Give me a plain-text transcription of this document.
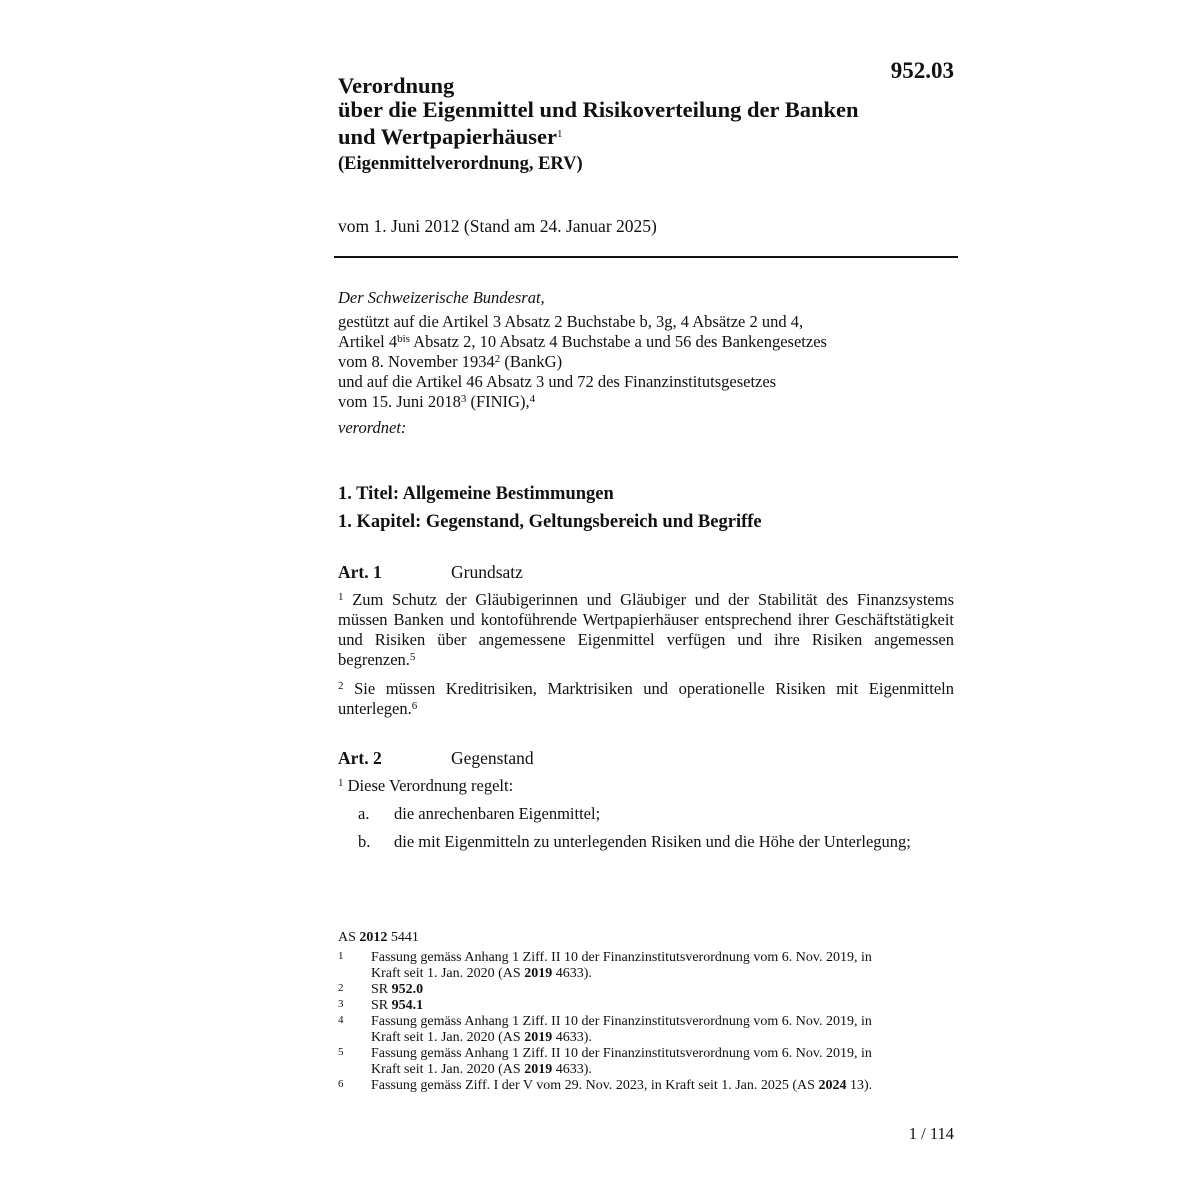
952.03
Verordnung
über die Eigenmittel und Risikoverteilung der Banken
und Wertpapierhäuser$^1$
(Eigenmittelverordnung, ERV)
vom 1. Juni 2012 (Stand am 24. Januar 2025)
Der Schweizerische Bundesrat,
gestützt auf die Artikel 3 Absatz 2 Buchstabe b, 3g, 4 Absätze 2 und 4,
Artikel 4$^{bis}$ Absatz 2, 10 Absatz 4 Buchstabe a und 56 des Bankengesetzes
vom 8. November 1934$^2$ (BankG)
und auf die Artikel 46 Absatz 3 und 72 des Finanzinstitutsgesetzes
vom 15. Juni 2018$^3$ (FINIG),$^4$
verordnet:
1. Titel: Allgemeine Bestimmungen
1. Kapitel: Gegenstand, Geltungsbereich und Begriffe
Art. 1	Grundsatz
$^1$ Zum Schutz der Gläubigerinnen und Gläubiger und der Stabilität des Finanzsystems müssen Banken und kontoführende Wertpapierhäuser entsprechend ihrer Geschäftstätigkeit und Risiken über angemessene Eigenmittel verfügen und ihre Risiken angemessen begrenzen.$^5$
$^2$ Sie müssen Kreditrisiken, Marktrisiken und operationelle Risiken mit Eigenmitteln unterlegen.$^6$
Art. 2	Gegenstand
$^1$ Diese Verordnung regelt:
a. die anrechenbaren Eigenmittel;
b. die mit Eigenmitteln zu unterlegenden Risiken und die Höhe der Unterlegung;
AS 2012 5441
1 Fassung gemäss Anhang 1 Ziff. II 10 der Finanzinstitutsverordnung vom 6. Nov. 2019, in
Kraft seit 1. Jan. 2020 (AS 2019 4633).
2 SR 952.0
3 SR 954.1
4 Fassung gemäss Anhang 1 Ziff. II 10 der Finanzinstitutsverordnung vom 6. Nov. 2019, in
Kraft seit 1. Jan. 2020 (AS 2019 4633).
5 Fassung gemäss Anhang 1 Ziff. II 10 der Finanzinstitutsverordnung vom 6. Nov. 2019, in
Kraft seit 1. Jan. 2020 (AS 2019 4633).
6 Fassung gemäss Ziff. I der V vom 29. Nov. 2023, in Kraft seit 1. Jan. 2025 (AS 2024 13).
1 / 114
